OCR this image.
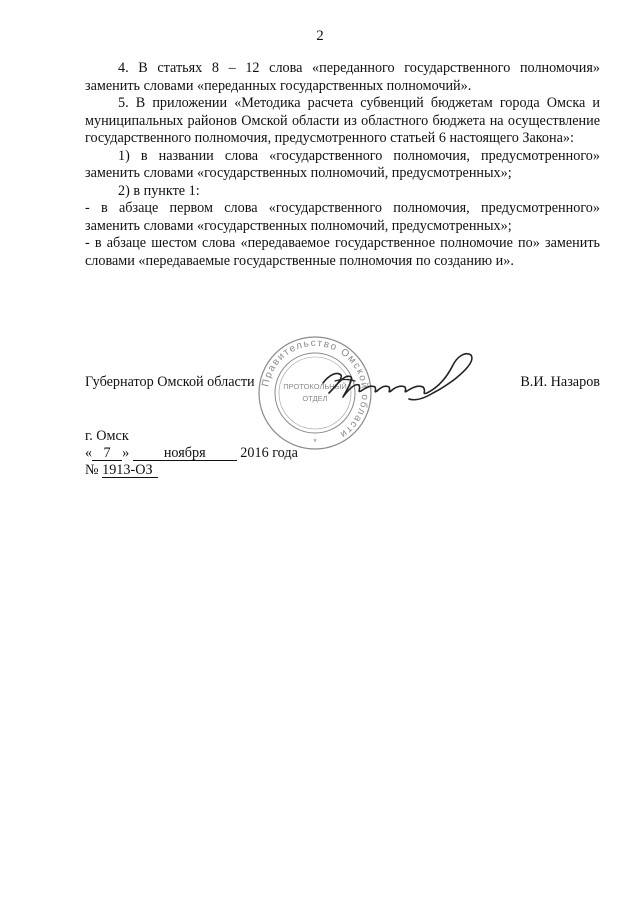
2

4. В статьях 8 – 12 слова «переданного государственного полномочия» заменить словами «переданных государственных полномочий».

5. В приложении «Методика расчета субвенций бюджетам города Омска и муниципальных районов Омской области из областного бюджета на осуществление государственного полномочия, предусмотренного статьей 6 настоящего Закона»:

1) в названии слова «государственного полномочия, предусмотренного» заменить словами «государственных полномочий, предусмотренных»;

2) в пункте 1:

- в абзаце первом слова «государственного полномочия, предусмотренного» заменить словами «государственных полномочий, предусмотренных»;

- в абзаце шестом слова «передаваемое государственное полномочие по» заменить словами «передаваемые государственные полномочия по созданию и».

Правительство Омской области
ПРОТОКОЛЬНЫЙ
ОТДЕЛ
*
Губернатор Омской области	В.И. Назаров
г. Омск
« 7 » ноября 2016 года
№ 1913-ОЗ
